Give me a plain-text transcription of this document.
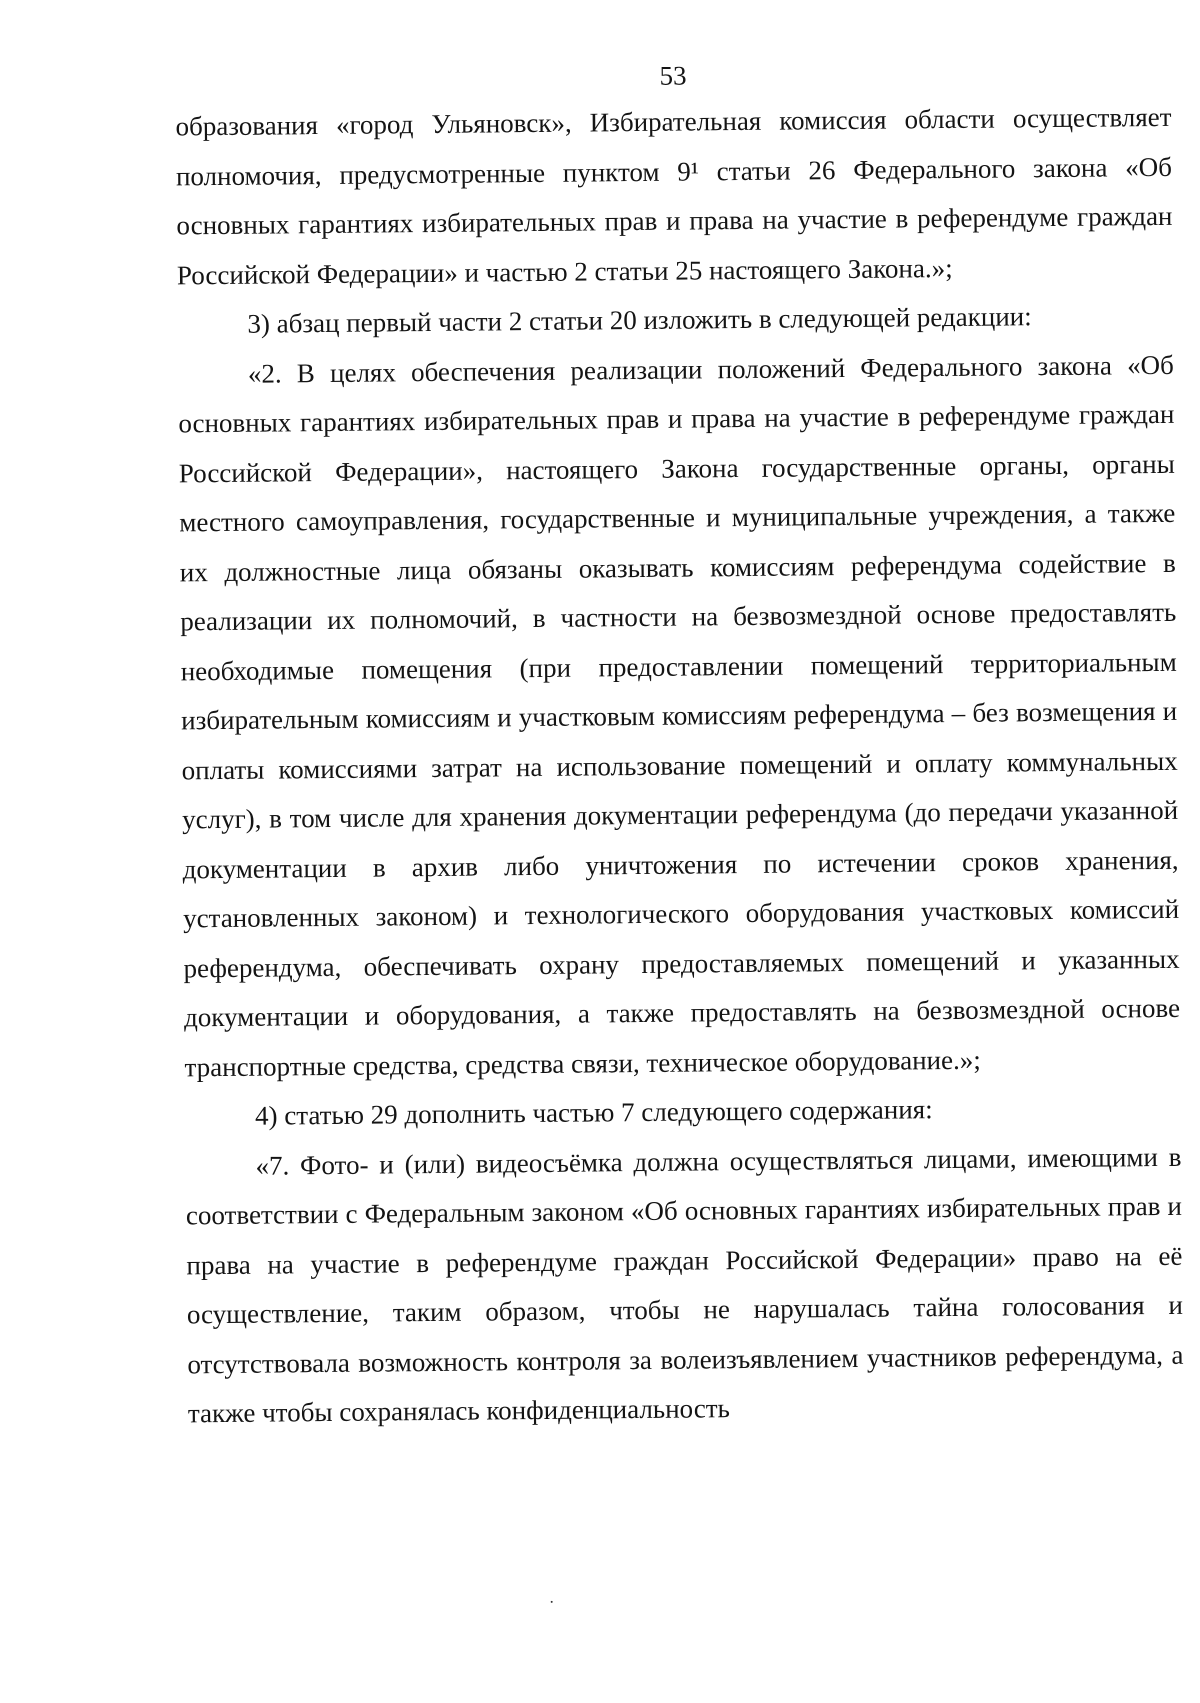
53

образования «город Ульяновск», Избирательная комиссия области осуществляет полномочия, предусмотренные пунктом 9¹ статьи 26 Федерального закона «Об основных гарантиях избирательных прав и права на участие в референдуме граждан Российской Федерации» и частью 2 статьи 25 настоящего Закона.»;

3) абзац первый части 2 статьи 20 изложить в следующей редакции:

«2. В целях обеспечения реализации положений Федерального закона «Об основных гарантиях избирательных прав и права на участие в референдуме граждан Российской Федерации», настоящего Закона государственные органы, органы местного самоуправления, государственные и муниципальные учреждения, а также их должностные лица обязаны оказывать комиссиям референдума содействие в реализации их полномочий, в частности на безвозмездной основе предоставлять необходимые помещения (при предоставлении помещений территориальным избирательным комиссиям и участковым комиссиям референдума – без возмещения и оплаты комиссиями затрат на использование помещений и оплату коммунальных услуг), в том числе для хранения документации референдума (до передачи указанной документации в архив либо уничтожения по истечении сроков хранения, установленных законом) и технологического оборудования участковых комиссий референдума, обеспечивать охрану предоставляемых помещений и указанных документации и оборудования, а также предоставлять на безвозмездной основе транспортные средства, средства связи, техническое оборудование.»;

4) статью 29 дополнить частью 7 следующего содержания:

«7. Фото- и (или) видеосъёмка должна осуществляться лицами, имеющими в соответствии с Федеральным законом «Об основных гарантиях избирательных прав и права на участие в референдуме граждан Российской Федерации» право на её осуществление, таким образом, чтобы не нарушалась тайна голосования и отсутствовала возможность контроля за волеизъявлением участников референдума, а также чтобы сохранялась конфиденциальность
